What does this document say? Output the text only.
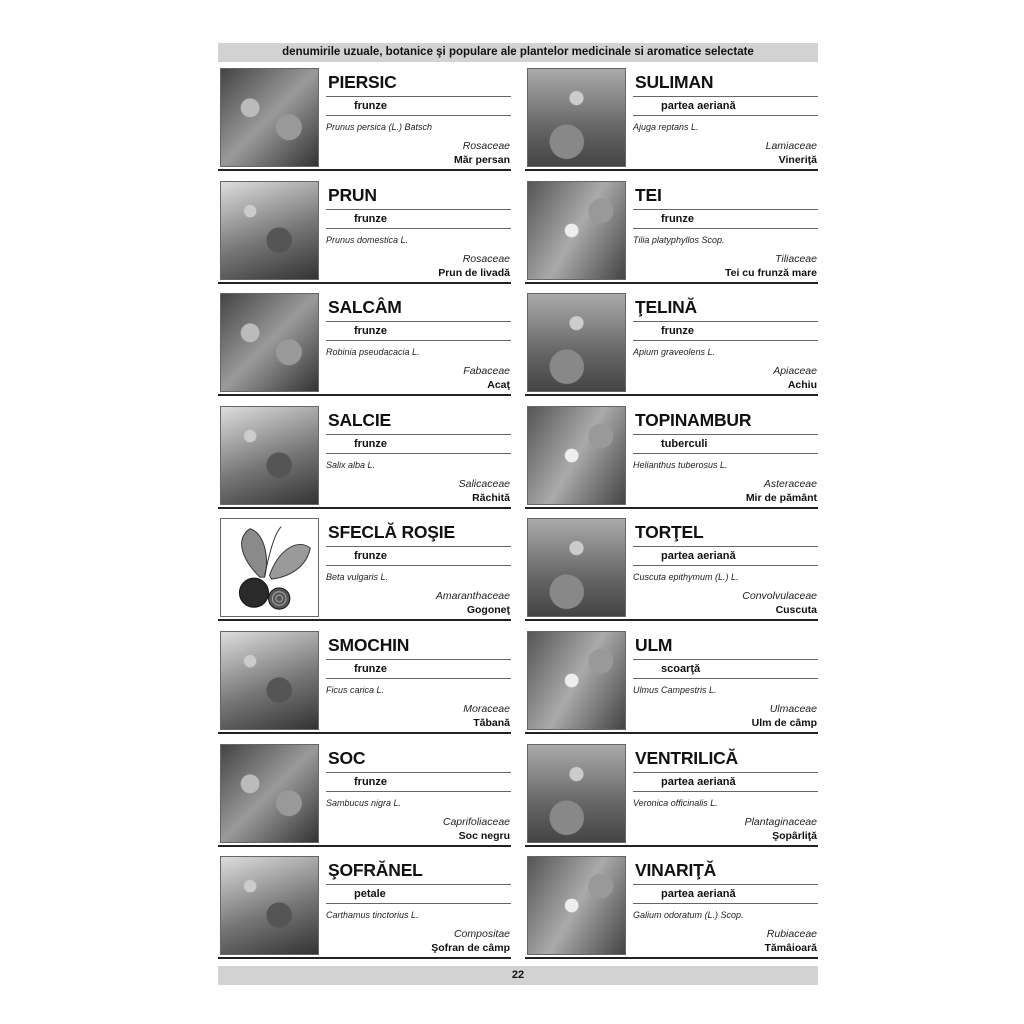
denumirile uzuale, botanice şi populare ale plantelor medicinale si aromatice selectate
PIERSIC
frunze
Prunus persica (L.) Batsch
Rosaceae
Măr persan
SULIMAN
partea aeriană
Ajuga reptans L.
Lamiaceae
Vineriţă
PRUN
frunze
Prunus domestica L.
Rosaceae
Prun de livadă
TEI
frunze
Tilia platyphyllos Scop.
Tiliaceae
Tei cu frunză mare
SALCÂM
frunze
Robinia pseudacacia L.
Fabaceae
Acaţ
ŢELINĂ
frunze
Apium graveolens L.
Apiaceae
Achiu
SALCIE
frunze
Salix alba L.
Salicaceae
Răchită
TOPINAMBUR
tuberculi
Helianthus tuberosus L.
Asteraceae
Mir de pământ
SFECLĂ ROŞIE
frunze
Beta vulgaris L.
Amaranthaceae
Gogoneţ
TORŢEL
partea aeriană
Cuscuta epithymum (L.) L.
Convolvulaceae
Cuscuta
SMOCHIN
frunze
Ficus carica L.
Moraceae
Tăbană
ULM
scoarţă
Ulmus Campestris L.
Ulmaceae
Ulm de câmp
SOC
frunze
Sambucus nigra L.
Caprifoliaceae
Soc negru
VENTRILICĂ
partea aeriană
Veronica officinalis L.
Plantaginaceae
Şopârliţă
ŞOFRĂNEL
petale
Carthamus tinctorius L.
Compositae
Şofran de câmp
VINARIŢĂ
partea aeriană
Galium odoratum (L.) Scop.
Rubiaceae
Tămâioară
22
